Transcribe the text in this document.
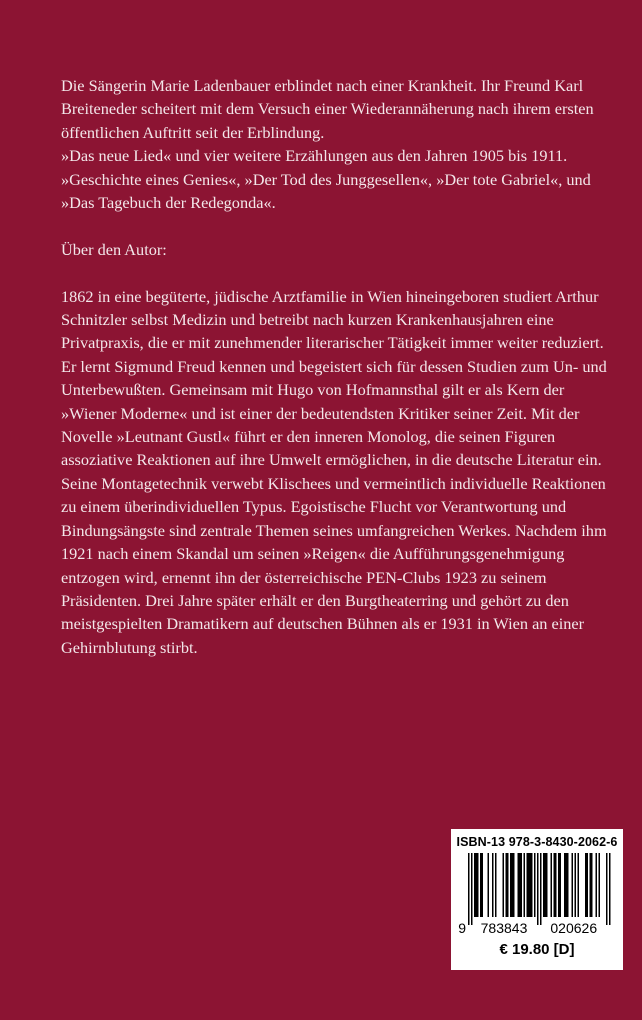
Die Sängerin Marie Ladenbauer erblindet nach einer Krankheit. Ihr Freund Karl Breiteneder scheitert mit dem Versuch einer Wiederannäherung nach ihrem ersten öffentlichen Auftritt seit der Erblindung.

»Das neue Lied« und vier weitere Erzählungen aus den Jahren 1905 bis 1911. »Geschichte eines Genies«, »Der Tod des Junggesellen«, »Der tote Gabriel«, und »Das Tagebuch der Redegonda«.

Über den Autor:

1862 in eine begüterte, jüdische Arztfamilie in Wien hineingeboren studiert Arthur Schnitzler selbst Medizin und betreibt nach kurzen Krankenhausjahren eine Privatpraxis, die er mit zunehmender literarischer Tätigkeit immer weiter reduziert. Er lernt Sigmund Freud kennen und begeistert sich für dessen Studien zum Un- und Unterbewußten. Gemeinsam mit Hugo von Hofmannsthal gilt er als Kern der »Wiener Moderne« und ist einer der bedeutendsten Kritiker seiner Zeit. Mit der Novelle »Leutnant Gustl« führt er den inneren Monolog, die seinen Figuren assoziative Reaktionen auf ihre Umwelt ermöglichen, in die deutsche Literatur ein. Seine Montagetechnik verwebt Klischees und vermeintlich individuelle Reaktionen zu einem überindividuellen Typus. Egoistische Flucht vor Verantwortung und Bindungsängste sind zentrale Themen seines umfangreichen Werkes. Nachdem ihm 1921 nach einem Skandal um seinen »Reigen« die Aufführungsgenehmigung entzogen wird, ernennt ihn der österreichische PEN-Clubs 1923 zu seinem Präsidenten. Drei Jahre später erhält er den Burgtheaterring und gehört zu den meistgespielten Dramatikern auf deutschen Bühnen als er 1931 in Wien an einer Gehirnblutung stirbt.

ISBN-13 978-3-8430-2062-6
9 783843 020626
€ 19.80 [D]
